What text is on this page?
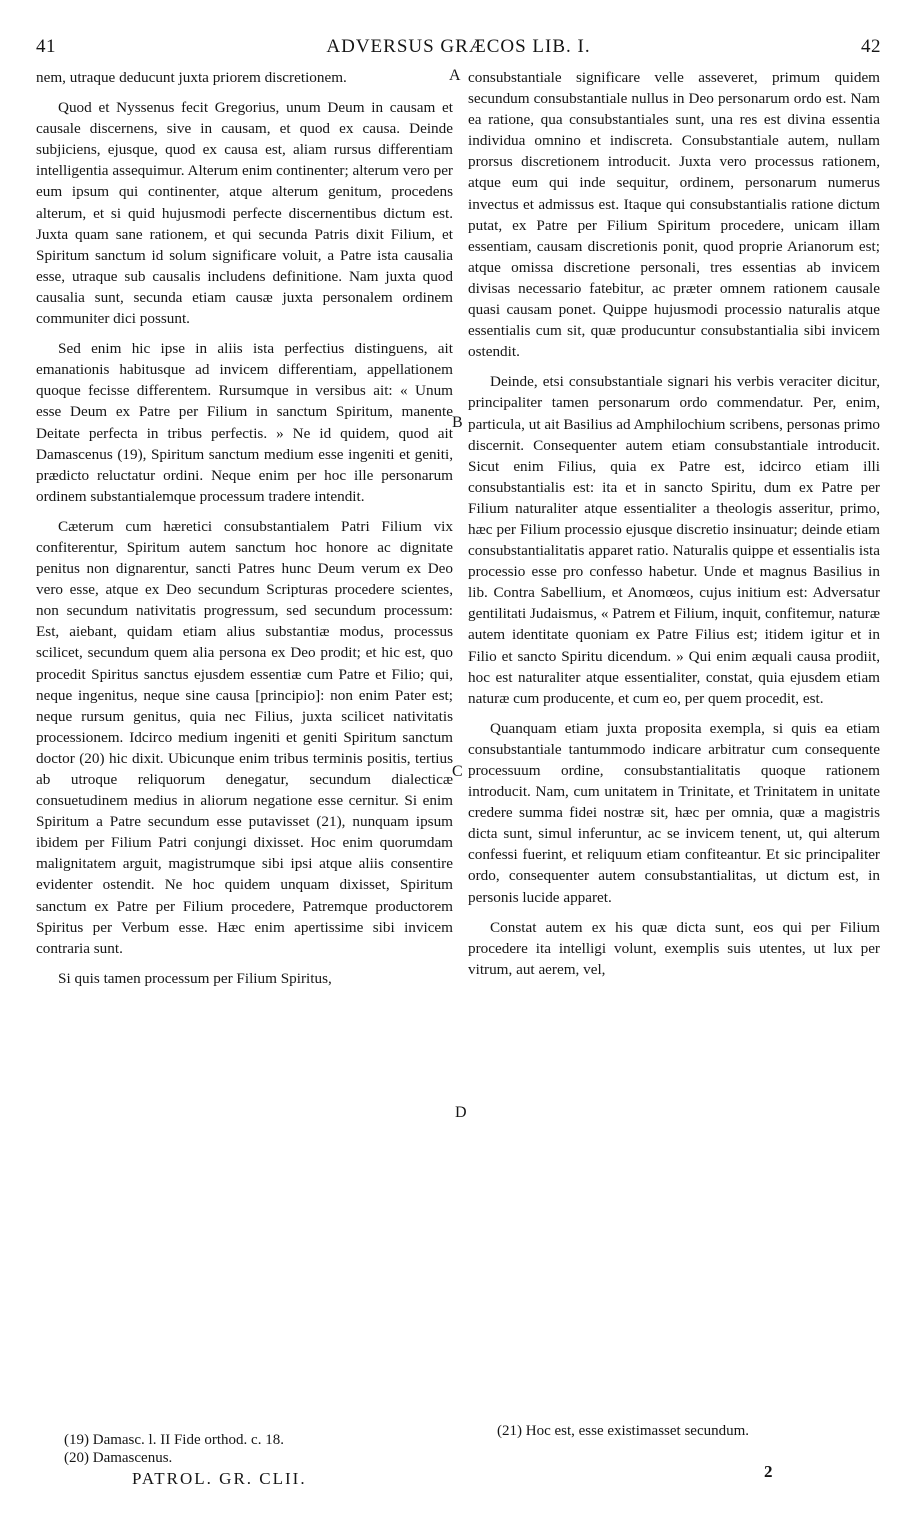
41	ADVERSUS GRÆCOS LIB. I.	42

nem, utraque deducunt juxta priorem discretionem.

Quod et Nyssenus fecit Gregorius, unum Deum in causam et causale discernens, sive in causam, et quod ex causa. Deinde subjiciens, ejusque, quod ex causa est, aliam rursus differentiam intelligentia assequimur. Alterum enim continenter; alterum vero per eum ipsum qui continenter, atque alterum genitum, procedens alterum, et si quid hujusmodi perfecte discernentibus dictum est. Juxta quam sane rationem, et qui secunda Patris dixit Filium, et Spiritum sanctum id solum significare voluit, a Patre ista causalia esse, utraque sub causalis includens definitione. Nam juxta quod causalia sunt, secunda etiam causæ juxta personalem ordinem communiter dici possunt.

Sed enim hic ipse in aliis ista perfectius distinguens, ait emanationis habitusque ad invicem differentiam, appellationem quoque fecisse differentem. Rursumque in versibus ait: « Unum esse Deum ex Patre per Filium in sanctum Spiritum, manente Deitate perfecta in tribus perfectis. » Ne id quidem, quod ait Damascenus (19), Spiritum sanctum medium esse ingeniti et geniti, prædicto reluctatur ordini. Neque enim per hoc ille personarum ordinem substantialemque processum tradere intendit.

Cæterum cum hæretici consubstantialem Patri Filium vix confiterentur, Spiritum autem sanctum hoc honore ac dignitate penitus non dignarentur, sancti Patres hunc Deum verum ex Deo vero esse, atque ex Deo secundum Scripturas procedere scientes, non secundum nativitatis progressum, sed secundum processum: Est, aiebant, quidam etiam alius substantiæ modus, processus scilicet, secundum quem alia persona ex Deo prodit; et hic est, quo procedit Spiritus sanctus ejusdem essentiæ cum Patre et Filio; qui, neque ingenitus, neque sine causa [principio]: non enim Pater est; neque rursum genitus, quia nec Filius, juxta scilicet nativitatis processionem. Idcirco medium ingeniti et geniti Spiritum sanctum doctor (20) hic dixit. Ubicunque enim tribus terminis positis, tertius ab utroque reliquorum denegatur, secundum dialecticæ consuetudinem medius in aliorum negatione esse cernitur. Si enim Spiritum a Patre secundum esse putavisset (21), nunquam ipsum ibidem per Filium Patri conjungi dixisset. Hoc enim quorumdam malignitatem arguit, magistrumque sibi ipsi atque aliis consentire evidenter ostendit. Ne hoc quidem unquam dixisset, Spiritum sanctum ex Patre per Filium procedere, Patremque productorem Spiritus per Verbum esse. Hæc enim apertissime sibi invicem contraria sunt.

Si quis tamen processum per Filium Spiritus,

consubstantiale significare velle asseveret, primum quidem secundum consubstantiale nullus in Deo personarum ordo est. Nam ea ratione, qua consubstantiales sunt, una res est divina essentia individua omnino et indiscreta. Consubstantiale autem, nullam prorsus discretionem introducit. Juxta vero processus rationem, atque eum qui inde sequitur, ordinem, personarum numerus invectus et admissus est. Itaque qui consubstantialis ratione dictum putat, ex Patre per Filium Spiritum procedere, unicam illam essentiam, causam discretionis ponit, quod proprie Arianorum est; atque omissa discretione personali, tres essentias ab invicem divisas necessario fatebitur, ac præter omnem rationem causale quasi causam ponet. Quippe hujusmodi processio naturalis atque essentialis cum sit, quæ producuntur consubstantialia sibi invicem ostendit.

Deinde, etsi consubstantiale signari his verbis veraciter dicitur, principaliter tamen personarum ordo commendatur. Per, enim, particula, ut ait Basilius ad Amphilochium scribens, personas primo discernit. Consequenter autem etiam consubstantiale introducit. Sicut enim Filius, quia ex Patre est, idcirco etiam illi consubstantialis est: ita et in sancto Spiritu, dum ex Patre per Filium naturaliter atque essentialiter a theologis asseritur, primo, hæc per Filium processio ejusque discretio insinuatur; deinde etiam consubstantialitatis apparet ratio. Naturalis quippe et essentialis ista processio esse pro confesso habetur. Unde et magnus Basilius in lib. Contra Sabellium, et Anomœos, cujus initium est: Adversatur gentilitati Judaismus, « Patrem et Filium, inquit, confitemur, naturæ autem identitate quoniam ex Patre Filius est; itidem igitur et in Filio et sancto Spiritu dicendum. » Qui enim æquali causa prodiit, hoc est naturaliter atque essentialiter, constat, quia ejusdem etiam naturæ cum producente, et cum eo, per quem procedit, est.

Quanquam etiam juxta proposita exempla, si quis ea etiam consubstantiale tantummodo indicare arbitratur cum consequente processuum ordine, consubstantialitatis quoque rationem introducit. Nam, cum unitatem in Trinitate, et Trinitatem in unitate credere summa fidei nostræ sit, hæc per omnia, quæ a magistris dicta sunt, simul inferuntur, ac se invicem tenent, ut, qui alterum confessi fuerint, et reliquum etiam confiteantur. Et sic principaliter ordo, consequenter autem consubstantialitas, ut dictum est, in personis lucide apparet.

Constat autem ex his quæ dicta sunt, eos qui per Filium procedere ita intelligi volunt, exemplis suis utentes, ut lux per vitrum, aut aerem, vel,

A
B
C
D
(19) Damasc. l. II Fide orthod. c. 18.
(20) Damascenus.
(21) Hoc est, esse existimasset secundum.
PATROL. GR. CLII.	2
